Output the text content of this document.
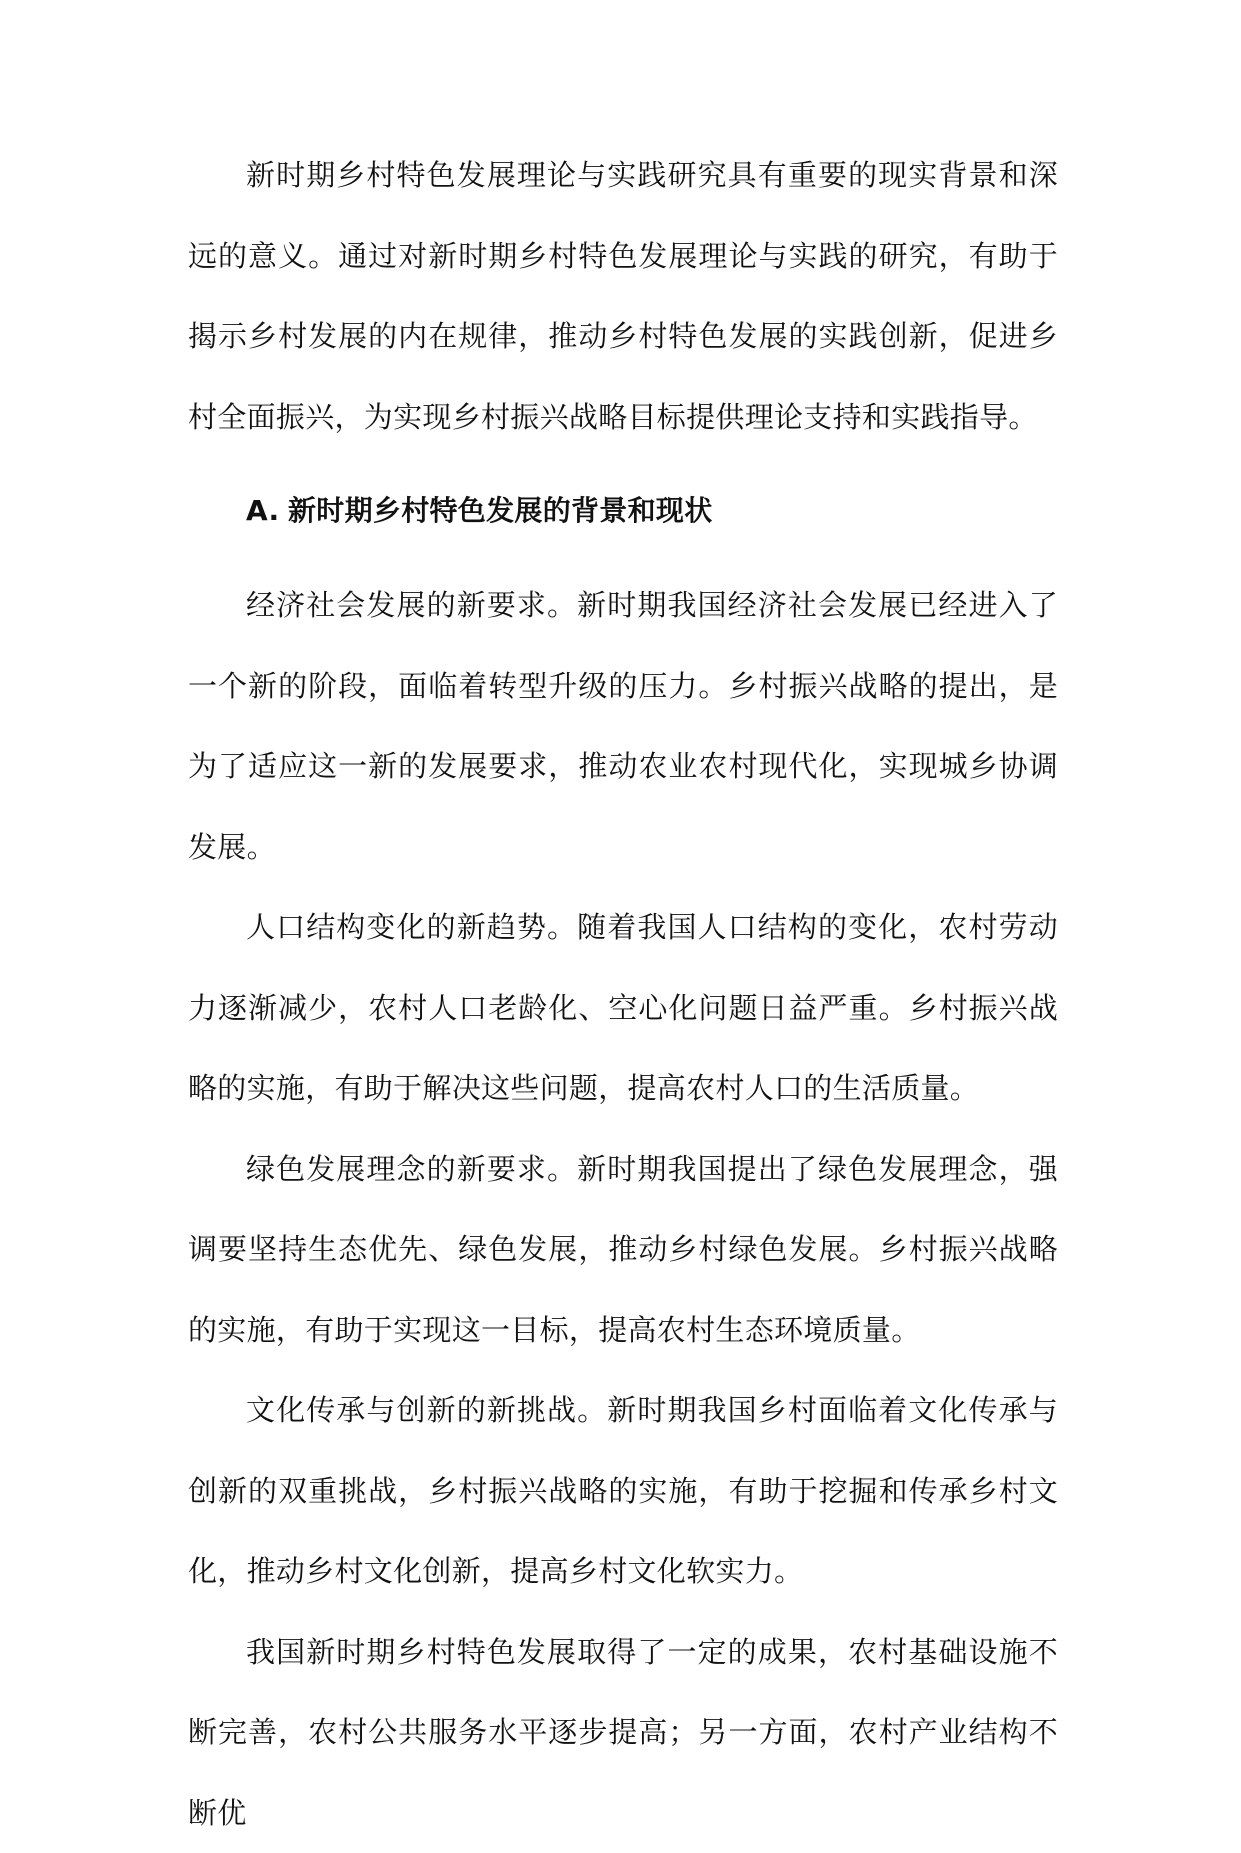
新时期乡村特色发展理论与实践研究具有重要的现实背景和深远的意义。通过对新时期乡村特色发展理论与实践的研究，有助于揭示乡村发展的内在规律，推动乡村特色发展的实践创新，促进乡村全面振兴，为实现乡村振兴战略目标提供理论支持和实践指导。

A. 新时期乡村特色发展的背景和现状

经济社会发展的新要求。新时期我国经济社会发展已经进入了一个新的阶段，面临着转型升级的压力。乡村振兴战略的提出，是为了适应这一新的发展要求，推动农业农村现代化，实现城乡协调发展。

人口结构变化的新趋势。随着我国人口结构的变化，农村劳动力逐渐减少，农村人口老龄化、空心化问题日益严重。乡村振兴战略的实施，有助于解决这些问题，提高农村人口的生活质量。

绿色发展理念的新要求。新时期我国提出了绿色发展理念，强调要坚持生态优先、绿色发展，推动乡村绿色发展。乡村振兴战略的实施，有助于实现这一目标，提高农村生态环境质量。

文化传承与创新的新挑战。新时期我国乡村面临着文化传承与创新的双重挑战，乡村振兴战略的实施，有助于挖掘和传承乡村文化，推动乡村文化创新，提高乡村文化软实力。

我国新时期乡村特色发展取得了一定的成果，农村基础设施不断完善，农村公共服务水平逐步提高；另一方面，农村产业结构不断优
